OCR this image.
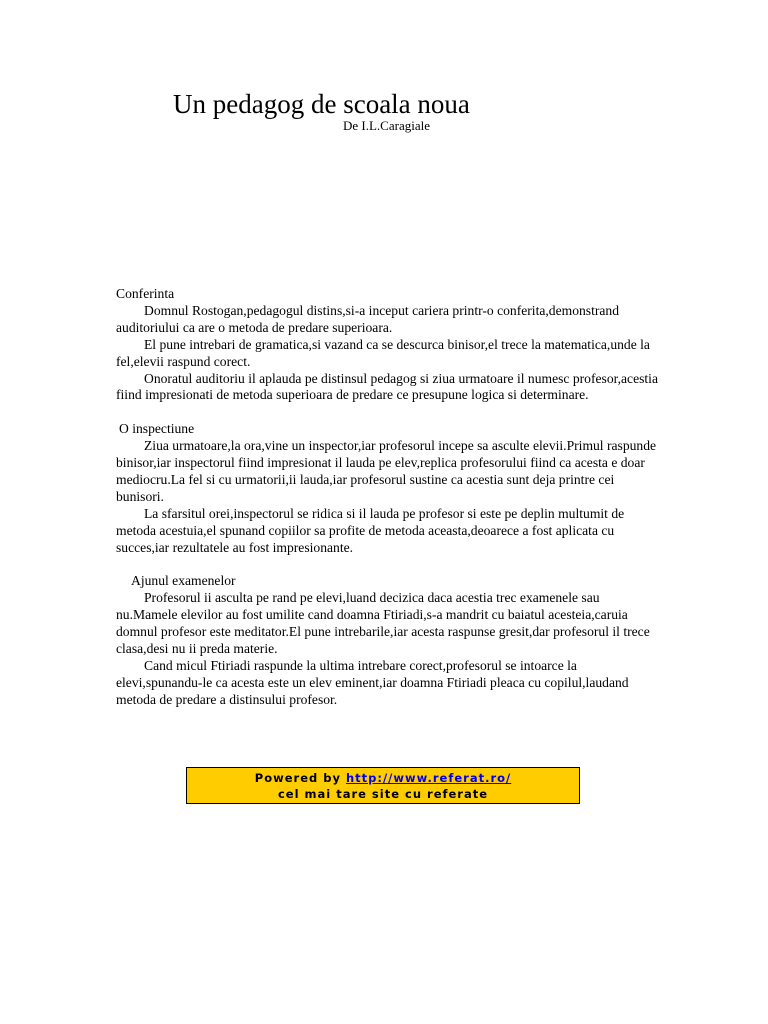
Un pedagog de scoala noua
De I.L.Caragiale
Conferinta
Domnul Rostogan,pedagogul distins,si-a inceput cariera printr-o conferita,demonstrand auditoriului ca are o metoda de predare superioara.
El pune intrebari de gramatica,si vazand ca se descurca binisor,el trece la matematica,unde la fel,elevii raspund corect.
Onoratul auditoriu il aplauda pe distinsul pedagog si ziua urmatoare il numesc profesor,acestia fiind impresionati de metoda superioara de predare ce presupune logica si determinare.
O inspectiune
Ziua urmatoare,la ora,vine un inspector,iar profesorul incepe sa asculte elevii.Primul raspunde binisor,iar inspectorul fiind impresionat il lauda pe elev,replica profesorului fiind ca acesta e doar mediocru.La fel si cu urmatorii,ii lauda,iar profesorul sustine ca acestia sunt deja printre cei bunisori.
La sfarsitul orei,inspectorul se ridica si il lauda pe profesor si este pe deplin multumit de metoda acestuia,el spunand copiilor sa profite de metoda aceasta,deoarece a fost aplicata cu succes,iar rezultatele au fost impresionante.
Ajunul examenelor
Profesorul ii asculta pe rand pe elevi,luand decizica daca acestia trec examenele sau nu.Mamele elevilor au fost umilite cand doamna Ftiriadi,s-a mandrit cu baiatul acesteia,caruia domnul profesor este meditator.El pune intrebarile,iar acesta raspunse gresit,dar profesorul il trece clasa,desi nu ii preda materie.
Cand micul Ftiriadi raspunde la ultima intrebare corect,profesorul se intoarce la elevi,spunandu-le ca acesta este un elev eminent,iar doamna Ftiriadi pleaca cu copilul,laudand metoda de predare a distinsului profesor.
Powered by http://www.referat.ro/
cel mai tare site cu referate
